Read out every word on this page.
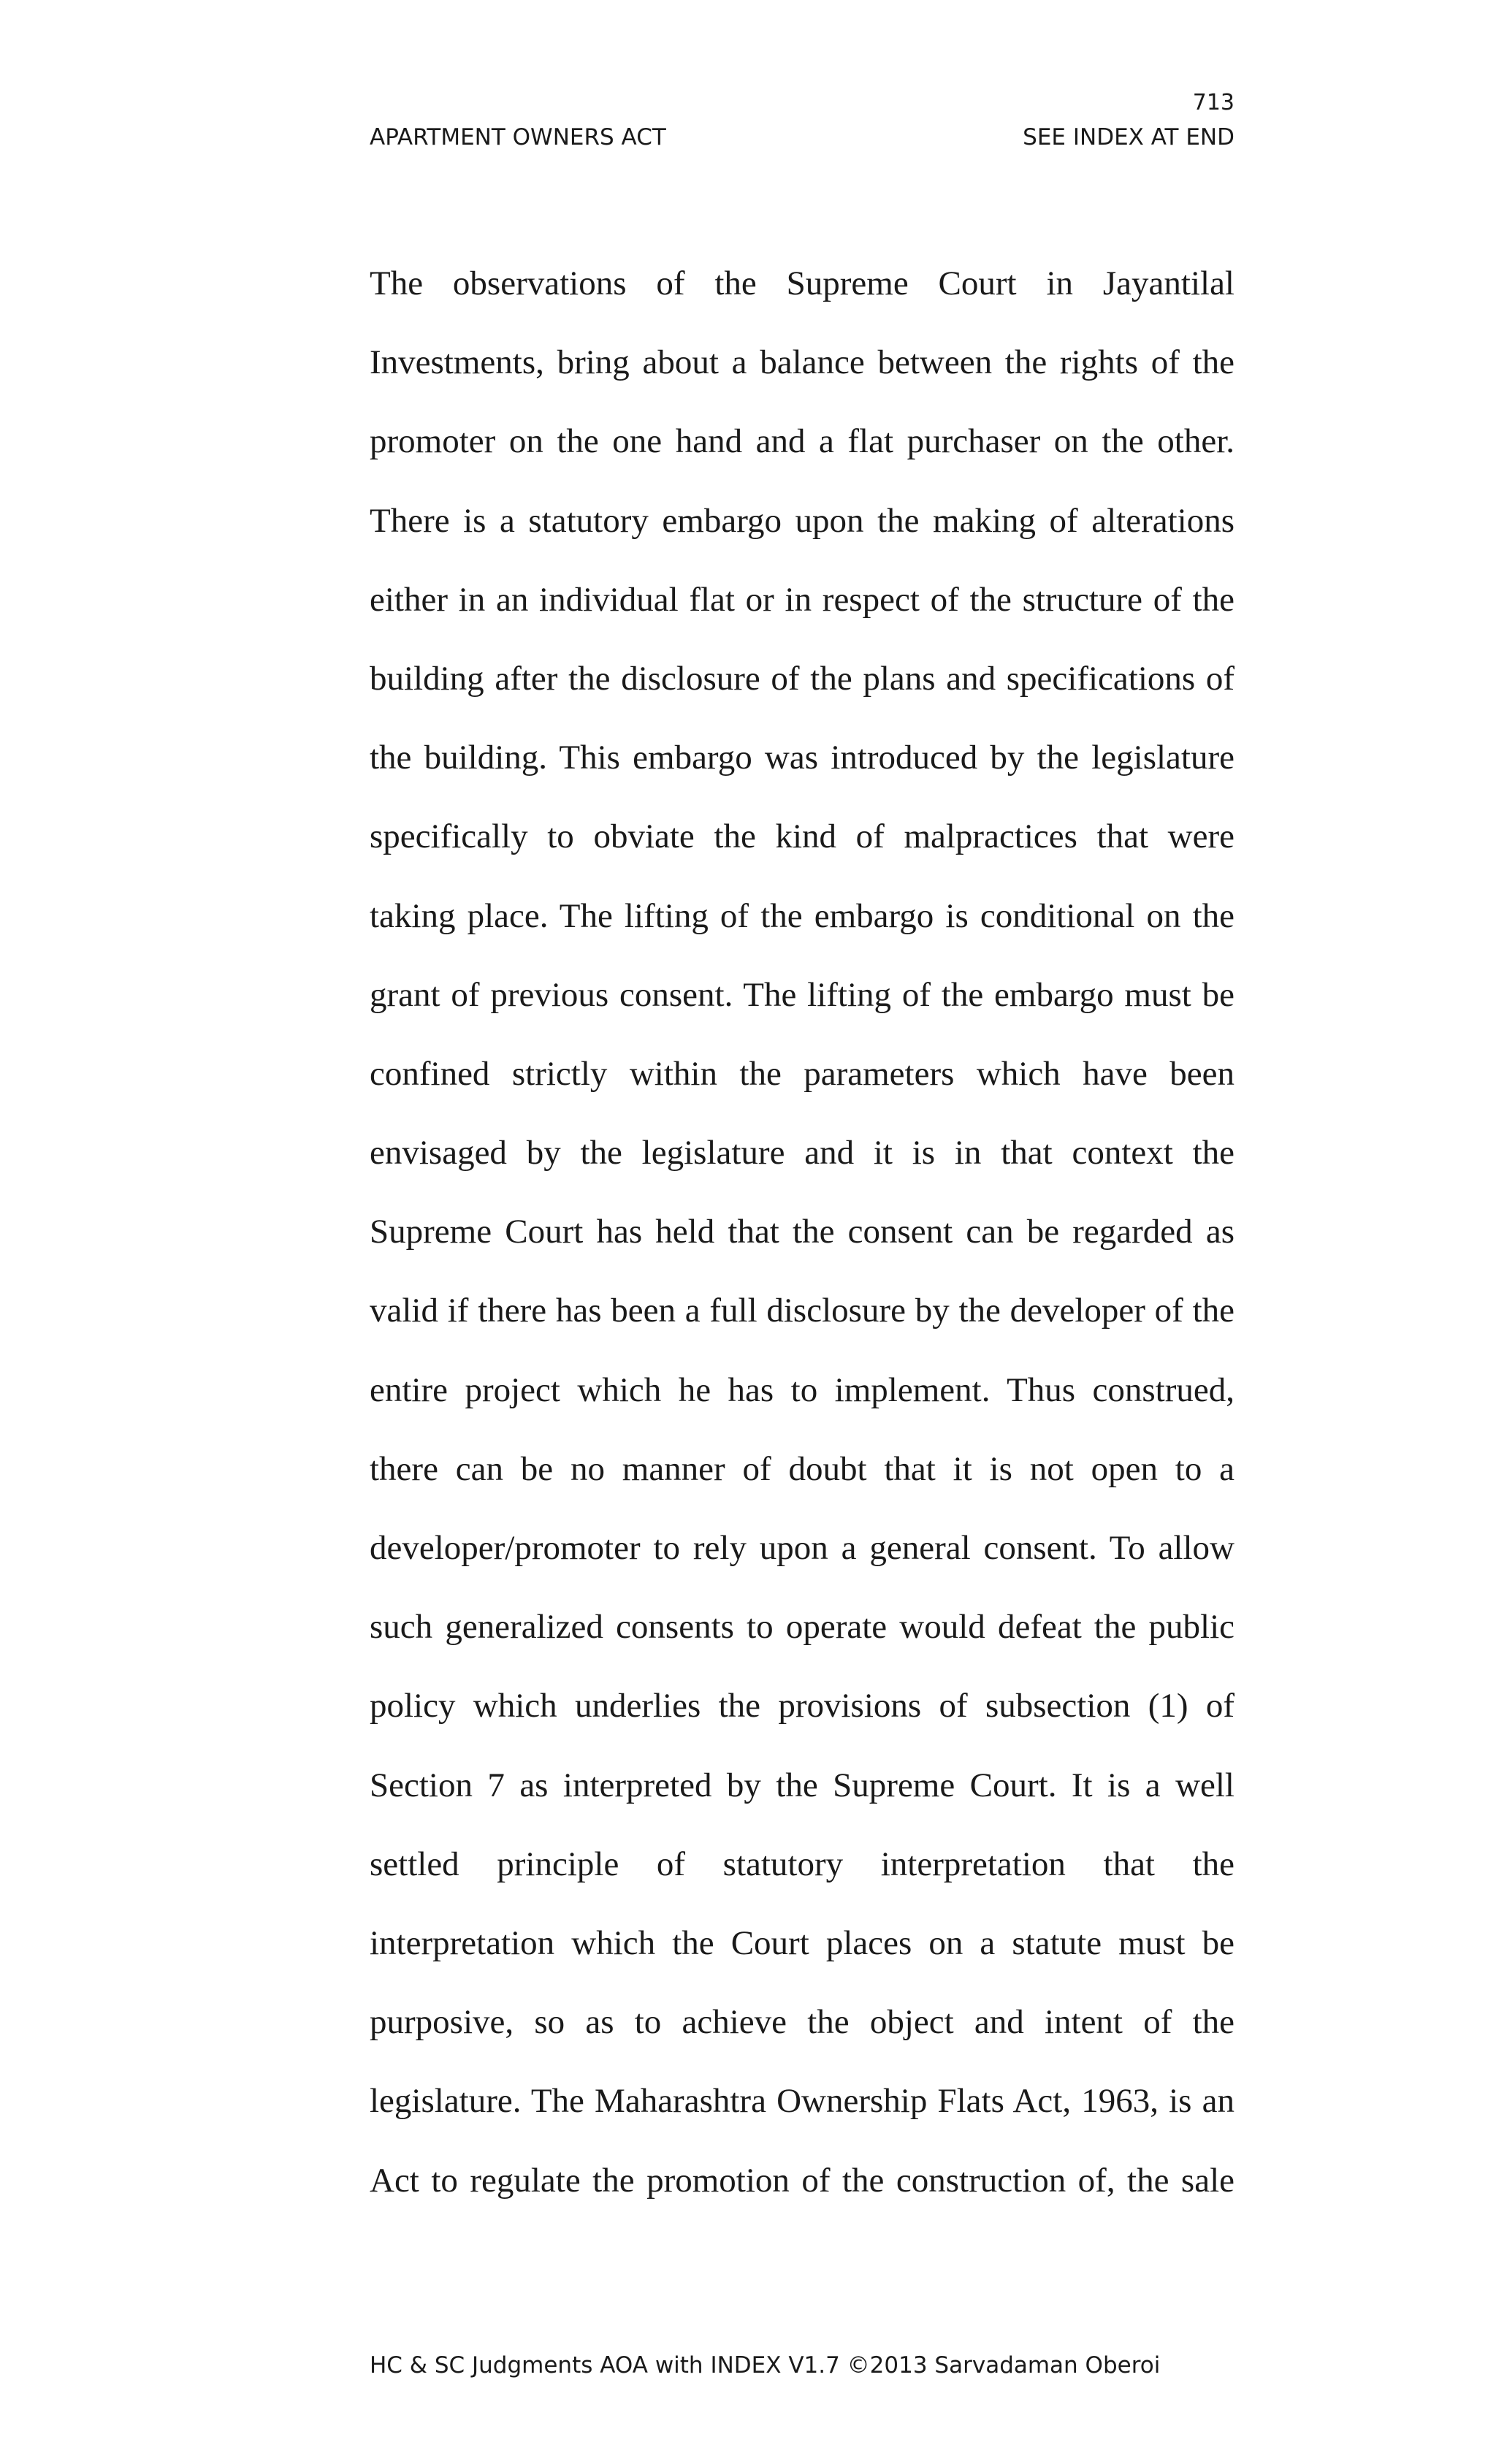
713
APARTMENT OWNERS ACT	SEE INDEX AT END
The observations of the Supreme Court in Jayantilal
Investments, bring about a balance between the rights of the
promoter on the one hand and a flat purchaser on the other.
There is a statutory embargo upon the making of alterations
either in an individual flat or in respect of the structure of the
building after the disclosure of the plans and specifications of
the building. This embargo was introduced by the legislature
specifically to obviate the kind of malpractices that were
taking place. The lifting of the embargo is conditional on the
grant of previous consent. The lifting of the embargo must be
confined strictly within the parameters which have been
envisaged by the legislature and it is in that context the
Supreme Court has held that the consent can be regarded as
valid if there has been a full disclosure by the developer of the
entire project which he has to implement. Thus construed,
there can be no manner of doubt that it is not open to a
developer/promoter to rely upon a general consent. To allow
such generalized consents to operate would defeat the public
policy which underlies the provisions of subsection (1) of
Section 7 as interpreted by the Supreme Court. It is a well
settled principle of statutory interpretation that the
interpretation which the Court places on a statute must be
purposive, so as to achieve the object and intent of the
legislature. The Maharashtra Ownership Flats Act, 1963, is an
Act to regulate the promotion of the construction of, the sale
HC & SC Judgments AOA with INDEX V1.7 ©2013 Sarvadaman Oberoi
